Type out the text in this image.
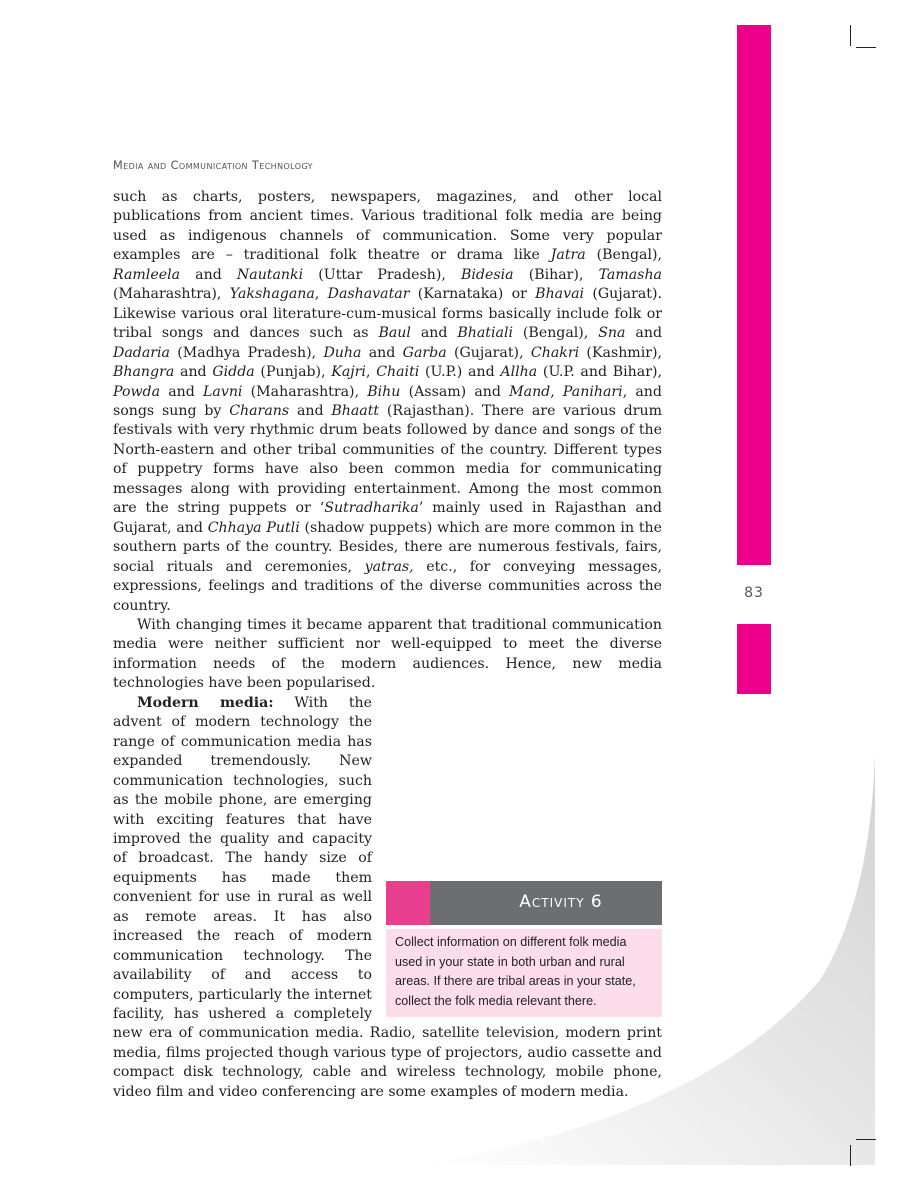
83
Media and Communication Technology

such as charts, posters, newspapers, magazines, and other local publications from ancient times. Various traditional folk media are being used as indigenous channels of communication. Some very popular examples are – traditional folk theatre or drama like Jatra (Bengal), Ramleela and Nautanki (Uttar Pradesh), Bidesia (Bihar), Tamasha (Maharashtra), Yakshagana, Dashavatar (Karnataka) or Bhavai (Gujarat). Likewise various oral literature-cum-musical forms basically include folk or tribal songs and dances such as Baul and Bhatiali (Bengal), Sna and Dadaria (Madhya Pradesh), Duha and Garba (Gujarat), Chakri (Kashmir), Bhangra and Gidda (Punjab), Kajri, Chaiti (U.P.) and Allha (U.P. and Bihar), Powda and Lavni (Maharashtra), Bihu (Assam) and Mand, Panihari, and songs sung by Charans and Bhaatt (Rajasthan). There are various drum festivals with very rhythmic drum beats followed by dance and songs of the North-eastern and other tribal communities of the country. Different types of puppetry forms have also been common media for communicating messages along with providing entertainment. Among the most common are the string puppets or ‘Sutradharika’ mainly used in Rajasthan and Gujarat, and Chhaya Putli (shadow puppets) which are more common in the southern parts of the country. Besides, there are numerous festivals, fairs, social rituals and ceremonies, yatras, etc., for conveying messages, expressions, feelings and traditions of the diverse communities across the country.

With changing times it became apparent that traditional communication media were neither sufficient nor well-equipped to meet the diverse information needs of the modern audiences. Hence, new media technologies have been popularised.

Modern media: With the advent of modern technology the range of communication media has expanded tremendously. New communication technologies, such as the mobile phone, are emerging with exciting features that have improved the quality and capacity of broadcast. The handy size of equipments has made them convenient for use in rural as well as remote areas. It has also increased the reach of modern communication technology. The availability of and access to computers, particularly the internet facility, has ushered a completely new era of communication media. Radio, satellite television, modern print media, films projected though various type of projectors, audio cassette and compact disk technology, cable and wireless technology, mobile phone, video film and video conferencing are some examples of modern media.

Activity 6
Collect information on different folk media used in your state in both urban and rural areas. If there are tribal areas in your state, collect the folk media relevant there.
